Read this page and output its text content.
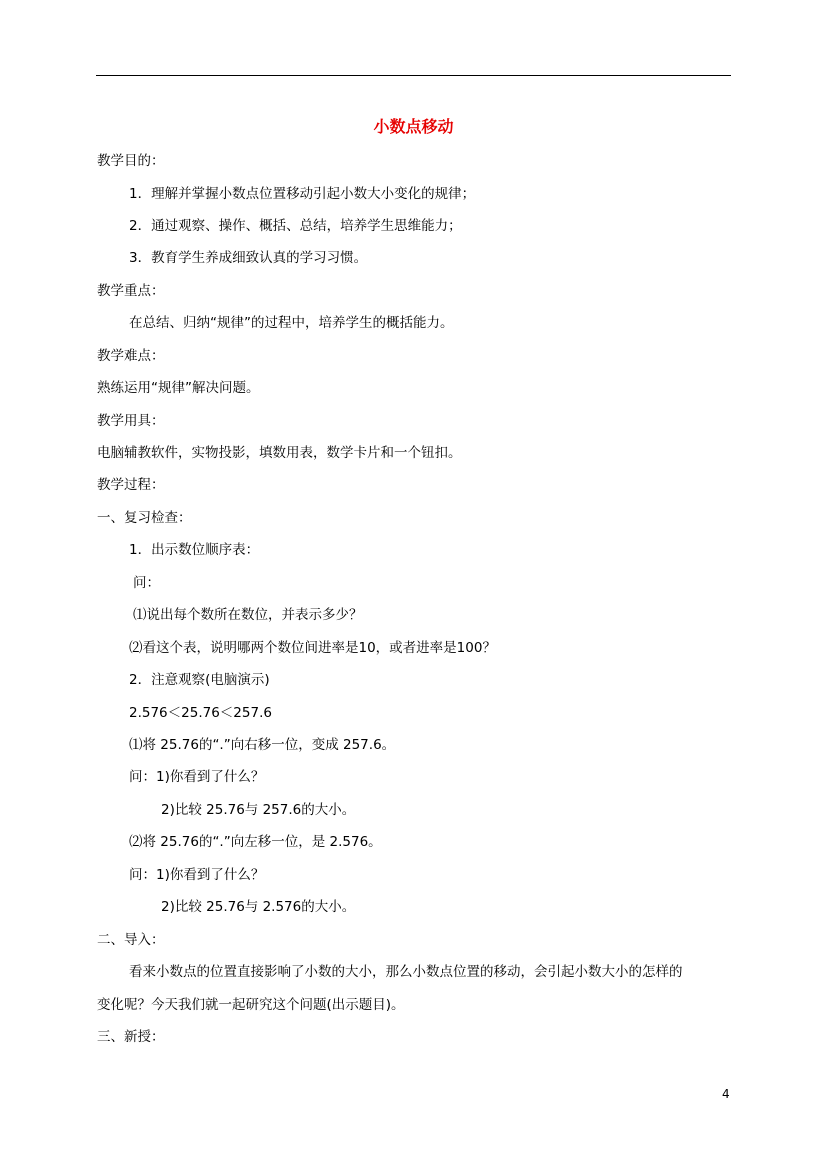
小数点移动
教学目的：
1．理解并掌握小数点位置移动引起小数大小变化的规律；
2．通过观察、操作、概括、总结，培养学生思维能力；
3．教育学生养成细致认真的学习习惯。
教学重点：
在总结、归纳“规律”的过程中，培养学生的概括能力。
教学难点：
熟练运用“规律”解决问题。
教学用具：
电脑辅教软件，实物投影，填数用表，数学卡片和一个钮扣。
教学过程：
一、复习检查：
1．出示数位顺序表：
问：
⑴说出每个数所在数位，并表示多少？
⑵看这个表，说明哪两个数位间进率是10，或者进率是100？
2．注意观察(电脑演示)
2.576＜25.76＜257.6
⑴将 25.76的“.”向右移一位，变成 257.6。
问：1)你看到了什么？
2)比较 25.76与 257.6的大小。
⑵将 25.76的“.”向左移一位，是 2.576。
问：1)你看到了什么？
2)比较 25.76与 2.576的大小。
二、导入：
看来小数点的位置直接影响了小数的大小，那么小数点位置的移动，会引起小数大小的怎样的
变化呢？今天我们就一起研究这个问题(出示题目)。
三、新授：
4
